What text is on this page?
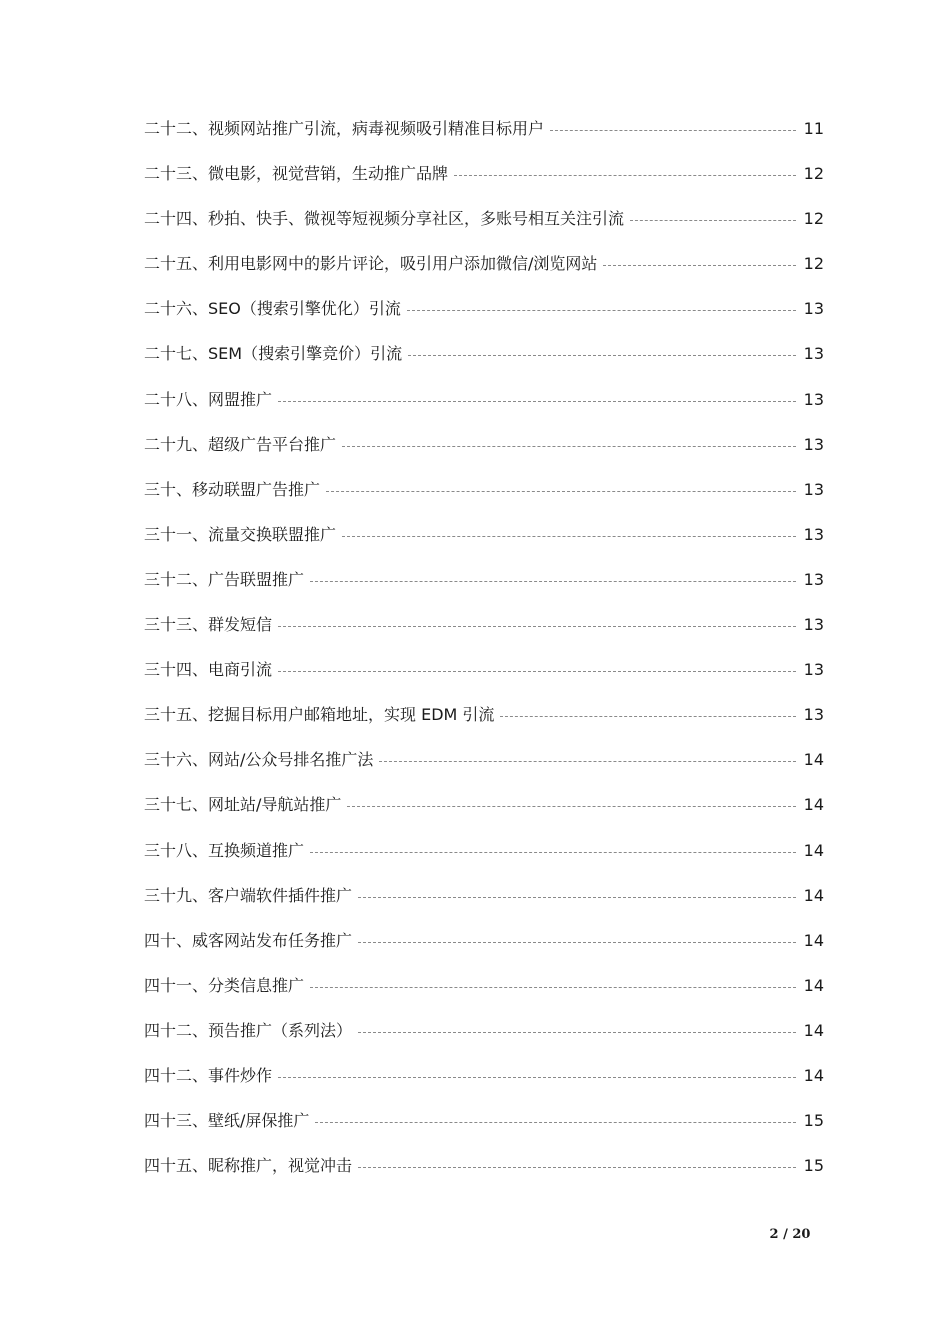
二十二、视频网站推广引流，病毒视频吸引精准目标用户	11
二十三、微电影，视觉营销，生动推广品牌	12
二十四、秒拍、快手、微视等短视频分享社区，多账号相互关注引流	12
二十五、利用电影网中的影片评论，吸引用户添加微信/浏览网站	12
二十六、SEO（搜索引擎优化）引流	13
二十七、SEM（搜索引擎竞价）引流	13
二十八、网盟推广	13
二十九、超级广告平台推广	13
三十、移动联盟广告推广	13
三十一、流量交换联盟推广	13
三十二、广告联盟推广	13
三十三、群发短信	13
三十四、电商引流	13
三十五、挖掘目标用户邮箱地址，实现 EDM 引流	13
三十六、网站/公众号排名推广法	14
三十七、网址站/导航站推广	14
三十八、互换频道推广	14
三十九、客户端软件插件推广	14
四十、威客网站发布任务推广	14
四十一、分类信息推广	14
四十二、预告推广（系列法）	14
四十二、事件炒作	14
四十三、壁纸/屏保推广	15
四十五、昵称推广，视觉冲击	15
2 / 20
